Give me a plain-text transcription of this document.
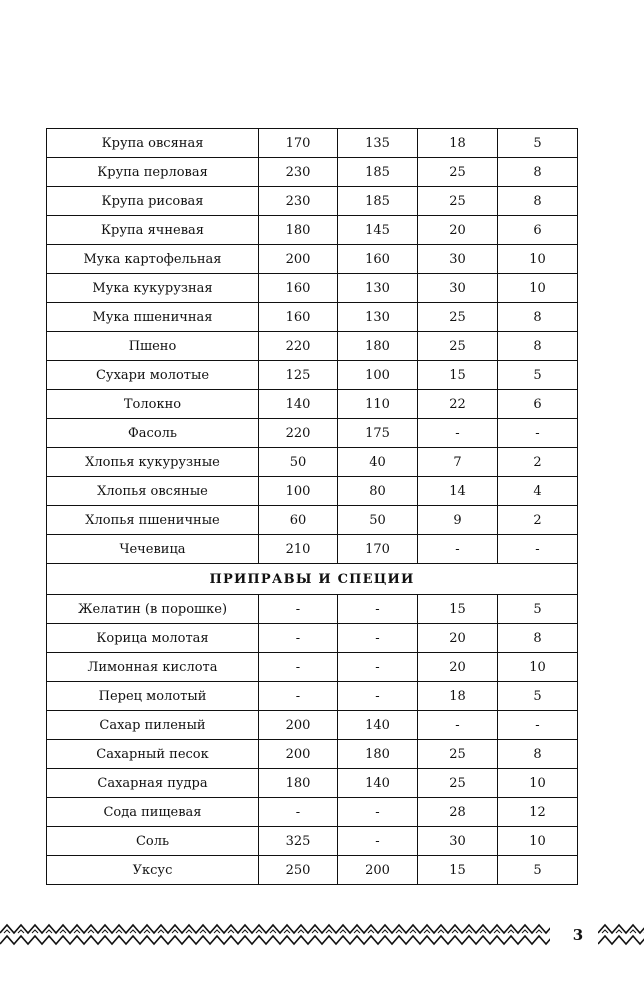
Крупа овсяная	170	135	18	5
Крупа перловая	230	185	25	8
Крупа рисовая	230	185	25	8
Крупа ячневая	180	145	20	6
Мука картофельная	200	160	30	10
Мука кукурузная	160	130	30	10
Мука пшеничная	160	130	25	8
Пшено	220	180	25	8
Сухари молотые	125	100	15	5
Толокно	140	110	22	6
Фасоль	220	175	-	-
Хлопья кукурузные	50	40	7	2
Хлопья овсяные	100	80	14	4
Хлопья пшеничные	60	50	9	2
Чечевица	210	170	-	-
ПРИПРАВЫ И СПЕЦИИ				
Желатин (в порошке)	-	-	15	5
Корица молотая	-	-	20	8
Лимонная кислота	-	-	20	10
Перец молотый	-	-	18	5
Сахар пиленый	200	140	-	-
Сахарный песок	200	180	25	8
Сахарная пудра	180	140	25	10
Сода пищевая	-	-	28	12
Соль	325	-	30	10
Уксус	250	200	15	5
3
